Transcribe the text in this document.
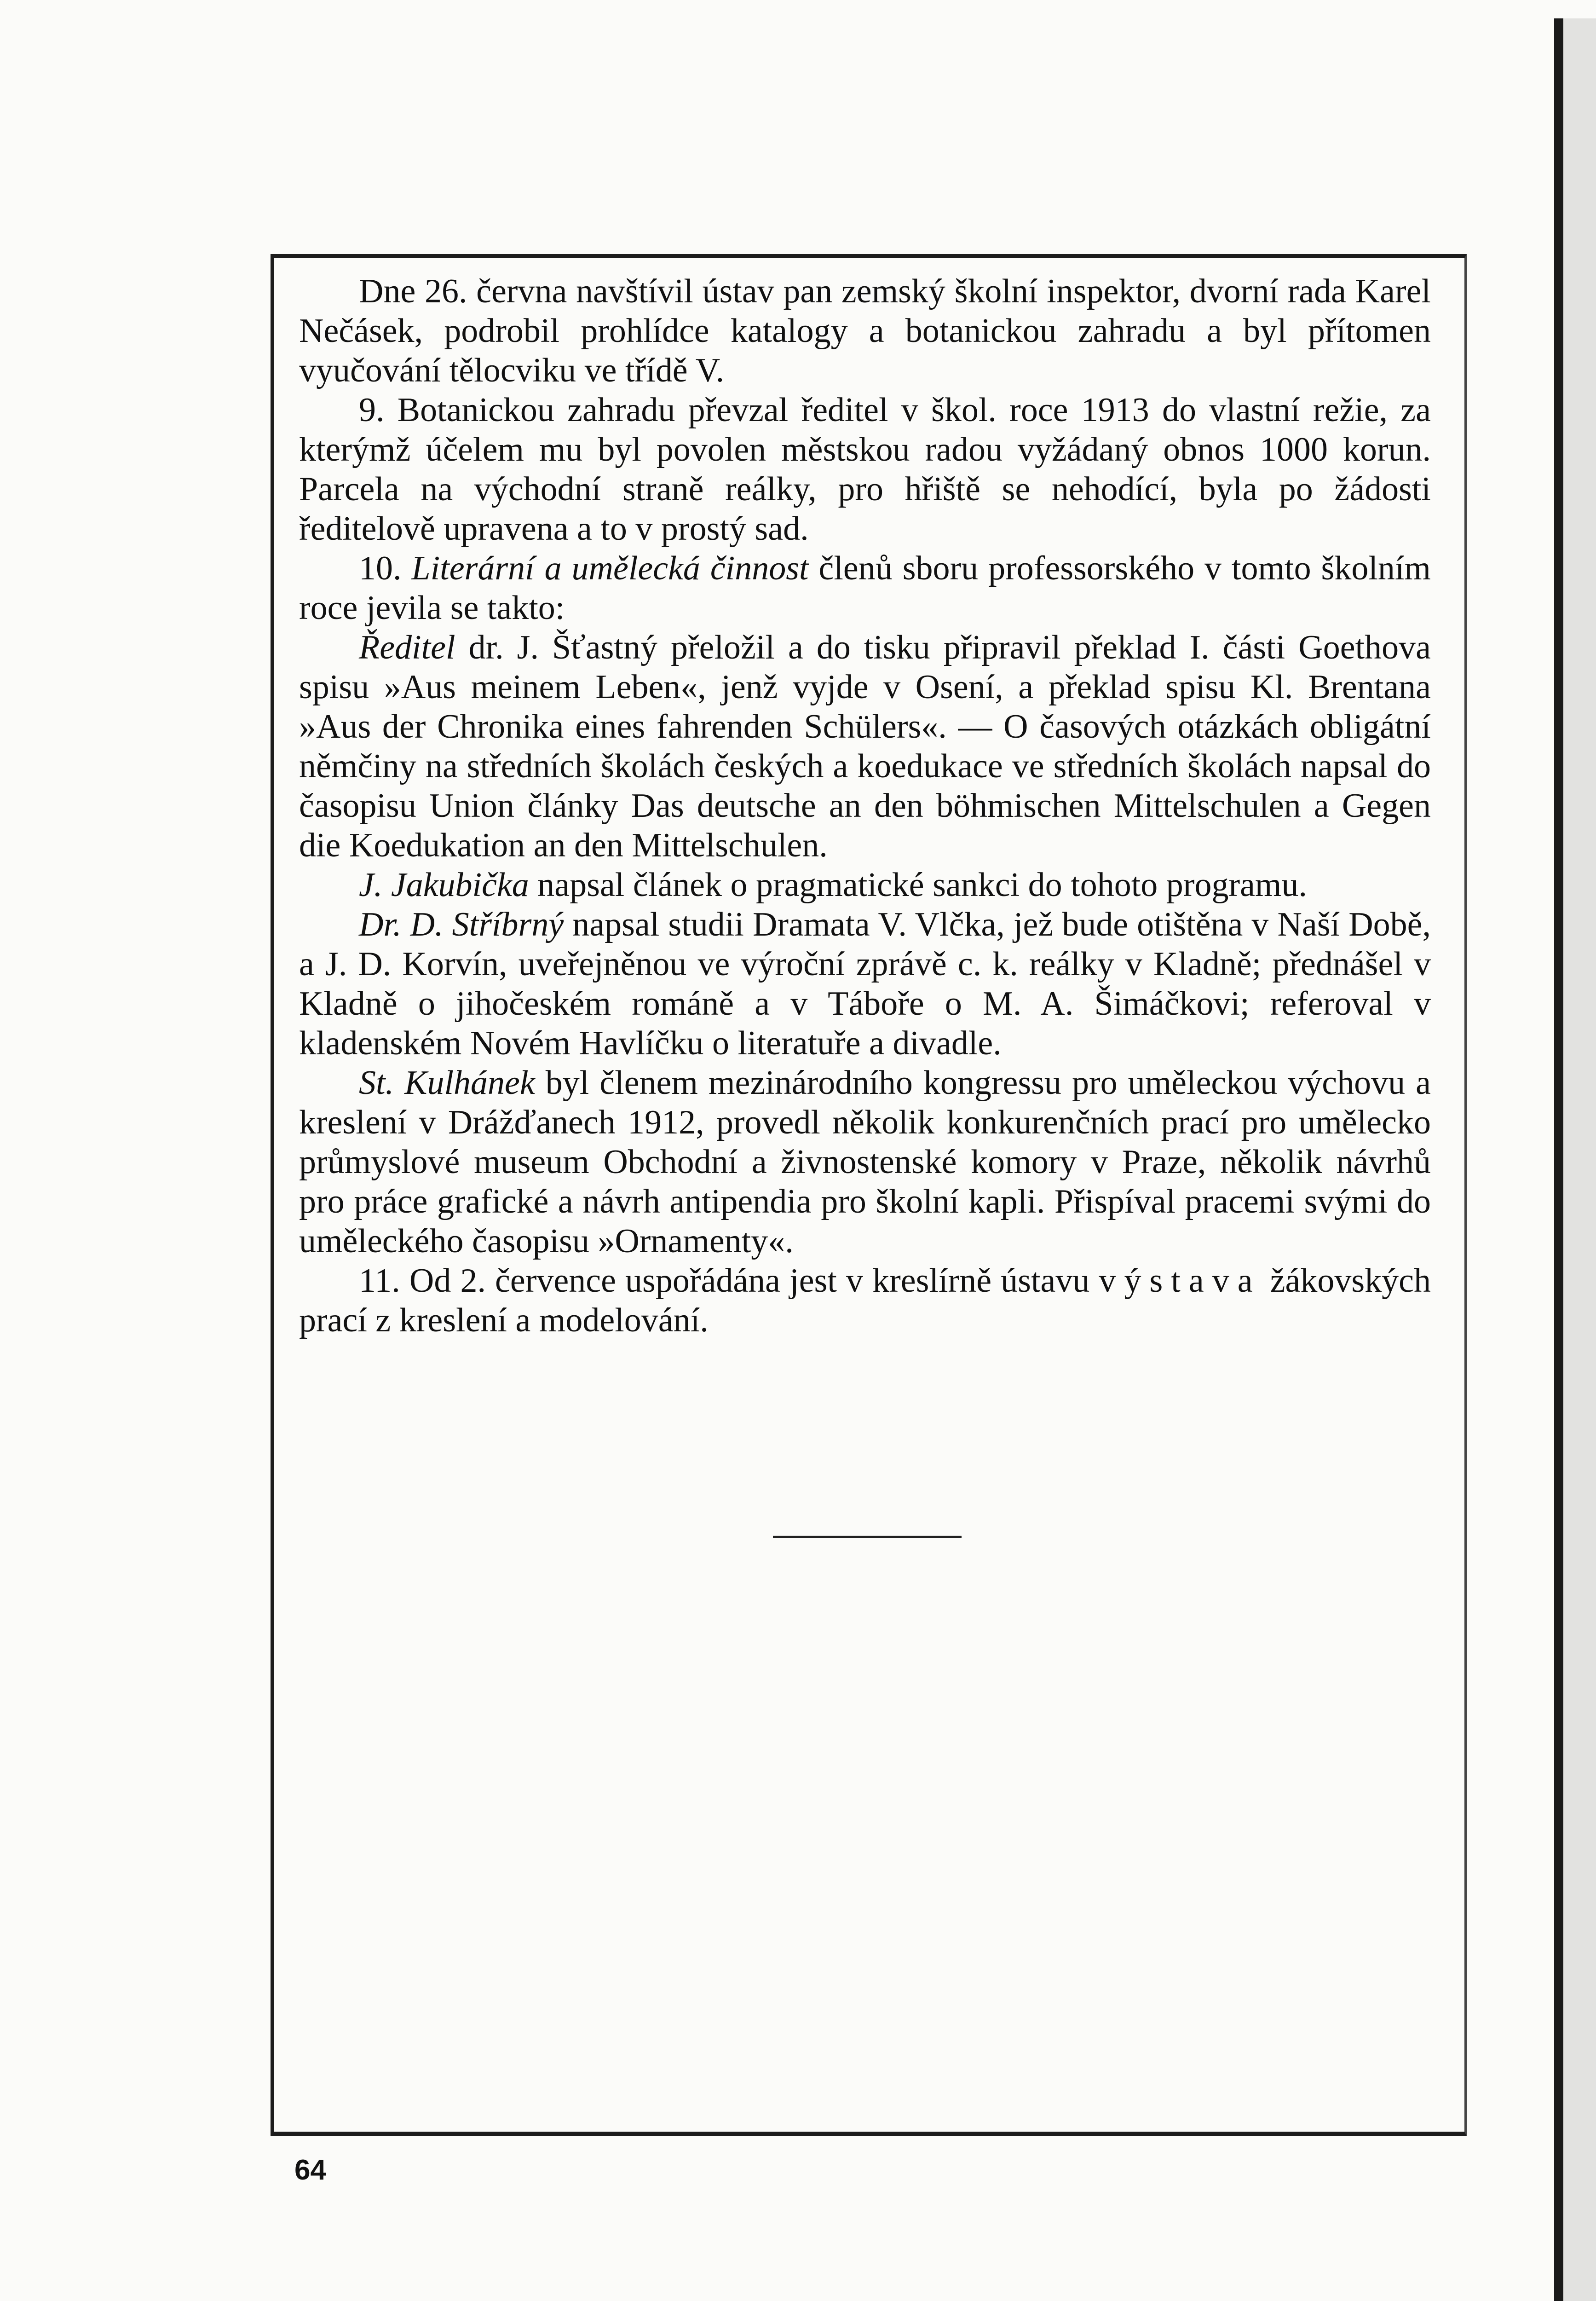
Dne 26. června navštívil ústav pan zemský školní inspektor, dvorní rada Karel Nečásek, podrobil prohlídce katalogy a botanickou zahradu a byl přítomen vyučování tělocviku ve třídě V.

9. Botanickou zahradu převzal ředitel v škol. roce 1913 do vlastní režie, za kterýmž účelem mu byl povolen městskou radou vyžádaný obnos 1000 korun. Parcela na východní straně reálky, pro hřiště se nehodící, byla po žádosti ředitelově upravena a to v prostý sad.

10. Literární a umělecká činnost členů sboru professorského v tomto školním roce jevila se takto:

Ředitel dr. J. Šťastný přeložil a do tisku připravil překlad I. části Goethova spisu »Aus meinem Leben«, jenž vyjde v Osení, a překlad spisu Kl. Brentana »Aus der Chronika eines fahrenden Schülers«. — O časových otázkách obligátní němčiny na středních školách českých a koedukace ve středních školách napsal do časopisu Union články Das deutsche an den böhmischen Mittelschulen a Gegen die Koedukation an den Mittelschulen.

J. Jakubička napsal článek o pragmatické sankci do tohoto programu.

Dr. D. Stříbrný napsal studii Dramata V. Vlčka, jež bude otištěna v Naší Době, a J. D. Korvín, uveřejněnou ve výroční zprávě c. k. reálky v Kladně; přednášel v Kladně o jihočeském románě a v Táboře o M. A. Šimáčkovi; referoval v kladenském Novém Havlíčku o literatuře a divadle.

St. Kulhánek byl členem mezinárodního kongressu pro uměleckou výchovu a kreslení v Drážďanech 1912, provedl několik konkurenčních prací pro umělecko průmyslové museum Obchodní a živnostenské komory v Praze, několik návrhů pro práce grafické a návrh antipendia pro školní kapli. Přispíval pracemi svými do uměleckého časopisu »Ornamenty«.

11. Od 2. července uspořádána jest v kreslírně ústavu výstava žákovských prací z kreslení a modelování.

64
